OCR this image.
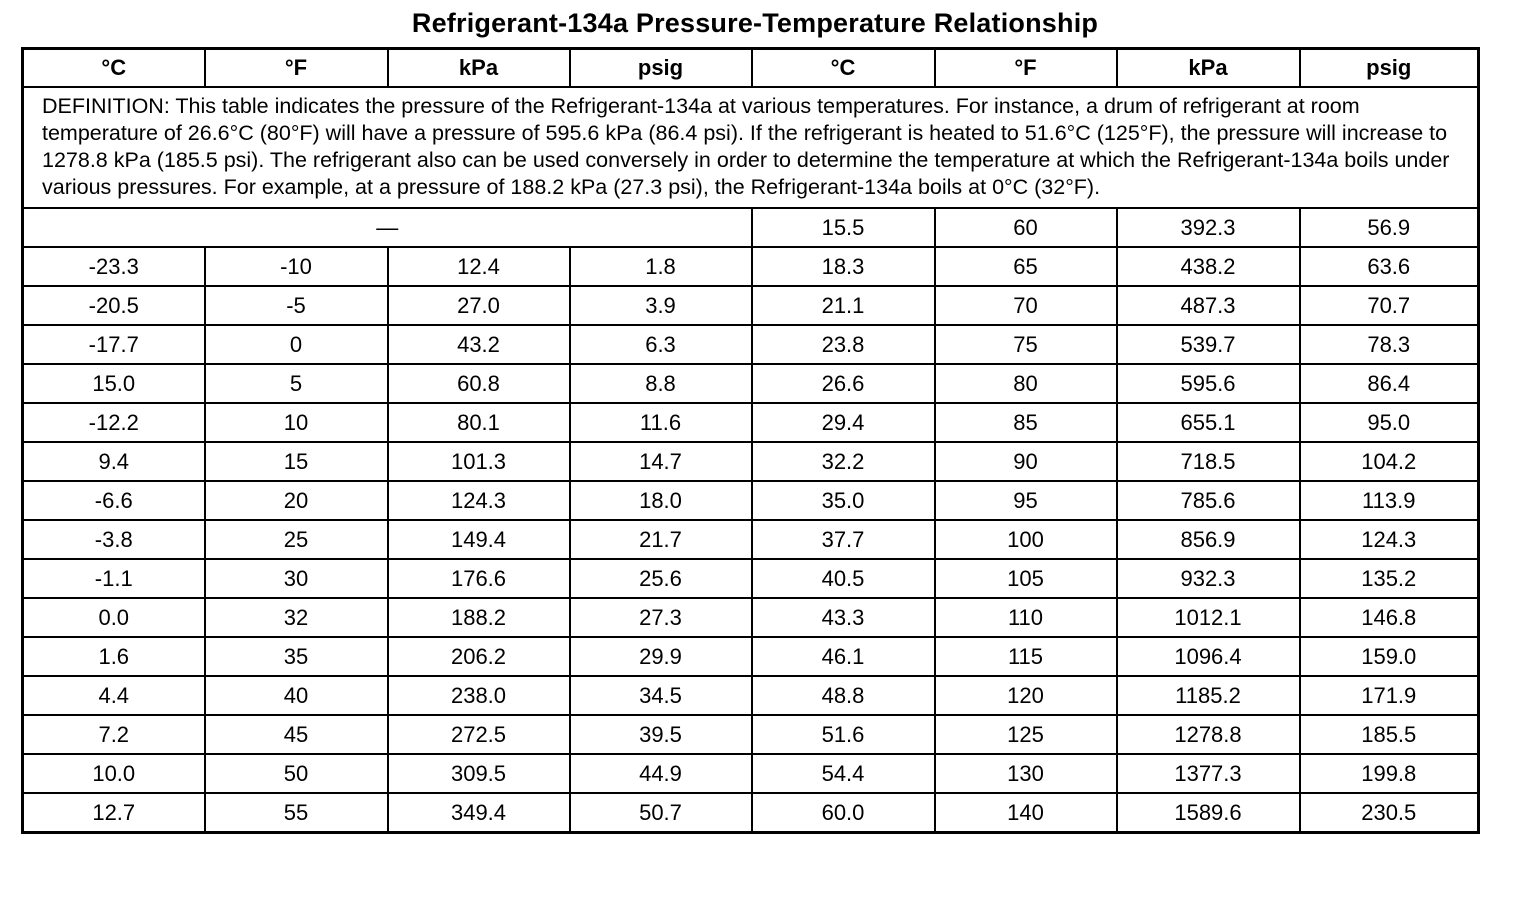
Refrigerant-134a Pressure-Temperature Relationship
°C	°F	kPa	psig	°C	°F	kPa	psig
DEFINITION: This table indicates the pressure of the Refrigerant-134a at various temperatures. For instance, a drum of refrigerant at room temperature of 26.6°C (80°F) will have a pressure of 595.6 kPa (86.4 psi). If the refrigerant is heated to 51.6°C (125°F), the pressure will increase to 1278.8 kPa (185.5 psi). The refrigerant also can be used conversely in order to determine the temperature at which the Refrigerant-134a boils under various pressures. For example, at a pressure of 188.2 kPa (27.3 psi), the Refrigerant-134a boils at 0°C (32°F).							
—				15.5	60	392.3	56.9
-23.3	-10	12.4	1.8	18.3	65	438.2	63.6
-20.5	-5	27.0	3.9	21.1	70	487.3	70.7
-17.7	0	43.2	6.3	23.8	75	539.7	78.3
15.0	5	60.8	8.8	26.6	80	595.6	86.4
-12.2	10	80.1	11.6	29.4	85	655.1	95.0
9.4	15	101.3	14.7	32.2	90	718.5	104.2
-6.6	20	124.3	18.0	35.0	95	785.6	113.9
-3.8	25	149.4	21.7	37.7	100	856.9	124.3
-1.1	30	176.6	25.6	40.5	105	932.3	135.2
0.0	32	188.2	27.3	43.3	110	1012.1	146.8
1.6	35	206.2	29.9	46.1	115	1096.4	159.0
4.4	40	238.0	34.5	48.8	120	1185.2	171.9
7.2	45	272.5	39.5	51.6	125	1278.8	185.5
10.0	50	309.5	44.9	54.4	130	1377.3	199.8
12.7	55	349.4	50.7	60.0	140	1589.6	230.5
